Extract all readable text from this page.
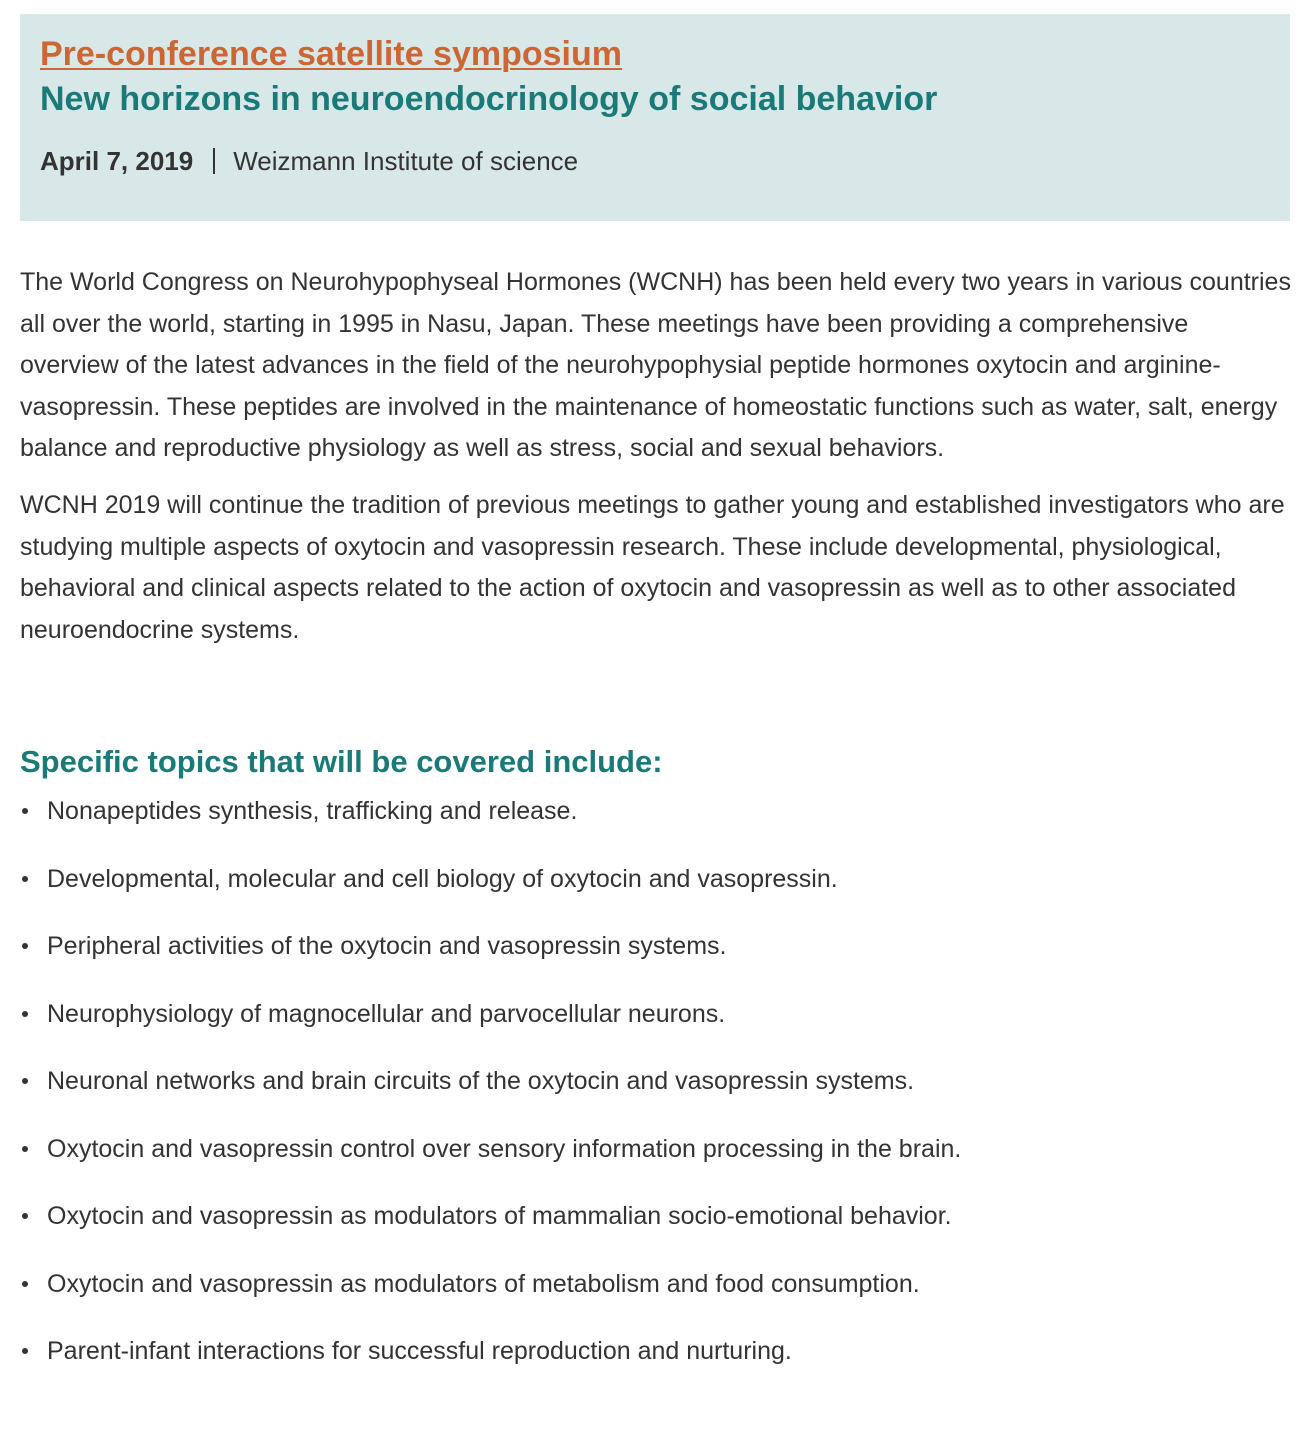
Pre-conference satellite symposium
New horizons in neuroendocrinology of social behavior
April 7, 2019 Weizmann Institute of science

The World Congress on Neurohypophyseal Hormones (WCNH) has been held every two years in various countries all over the world, starting in 1995 in Nasu, Japan. These meetings have been providing a comprehensive overview of the latest advances in the field of the neurohypophysial peptide hormones oxytocin and arginine-vasopressin. These peptides are involved in the maintenance of homeostatic functions such as water, salt, energy balance and reproductive physiology as well as stress, social and sexual behaviors.

WCNH 2019 will continue the tradition of previous meetings to gather young and established investigators who are studying multiple aspects of oxytocin and vasopressin research. These include developmental, physiological, behavioral and clinical aspects related to the action of oxytocin and vasopressin as well as to other associated neuroendocrine systems.

Specific topics that will be covered include:
Nonapeptides synthesis, trafficking and release.
Developmental, molecular and cell biology of oxytocin and vasopressin.
Peripheral activities of the oxytocin and vasopressin systems.
Neurophysiology of magnocellular and parvocellular neurons.
Neuronal networks and brain circuits of the oxytocin and vasopressin systems.
Oxytocin and vasopressin control over sensory information processing in the brain.
Oxytocin and vasopressin as modulators of mammalian socio-emotional behavior.
Oxytocin and vasopressin as modulators of metabolism and food consumption.
Parent-infant interactions for successful reproduction and nurturing.
